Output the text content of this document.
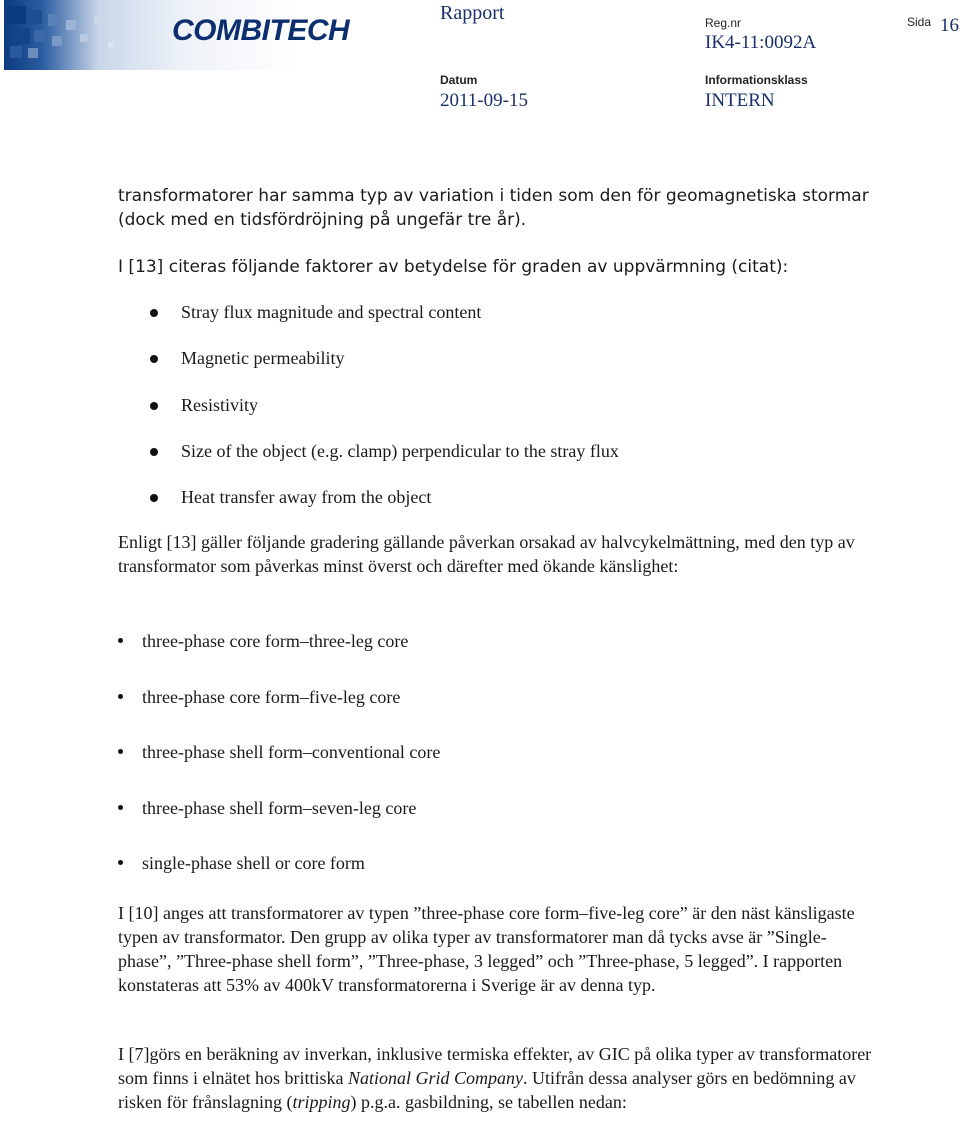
COMBITECH
Rapport	Reg.nr
IK4-11:0092A
Sida 16
Datum
2011-09-15
Informationsklass
INTERN
transformatorer har samma typ av variation i tiden som den för geomagnetiska stormar (dock med en tidsfördröjning på ungefär tre år).
I [13] citeras följande faktorer av betydelse för graden av uppvärmning (citat):
Stray flux magnitude and spectral content
Magnetic permeability
Resistivity
Size of the object (e.g. clamp) perpendicular to the stray flux
Heat transfer away from the object
Enligt [13] gäller följande gradering gällande påverkan orsakad av halvcykelmättning, med den typ av transformator som påverkas minst överst och därefter med ökande känslighet:
three-phase core form–three-leg core
three-phase core form–five-leg core
three-phase shell form–conventional core
three-phase shell form–seven-leg core
single-phase shell or core form
I [10] anges att transformatorer av typen ”three-phase core form–five-leg core” är den näst känsligaste typen av transformator. Den grupp av olika typer av transformatorer man då tycks avse är ”Single-phase”, ”Three-phase shell form”, ”Three-phase, 3 legged” och ”Three-phase, 5 legged”. I rapporten konstateras att 53% av 400kV transformatorerna i Sverige är av denna typ.
I [7]görs en beräkning av inverkan, inklusive termiska effekter, av GIC på olika typer av transformatorer som finns i elnätet hos brittiska National Grid Company. Utifrån dessa analyser görs en bedömning av risken för frånslagning (tripping) p.g.a. gasbildning, se tabellen nedan:
